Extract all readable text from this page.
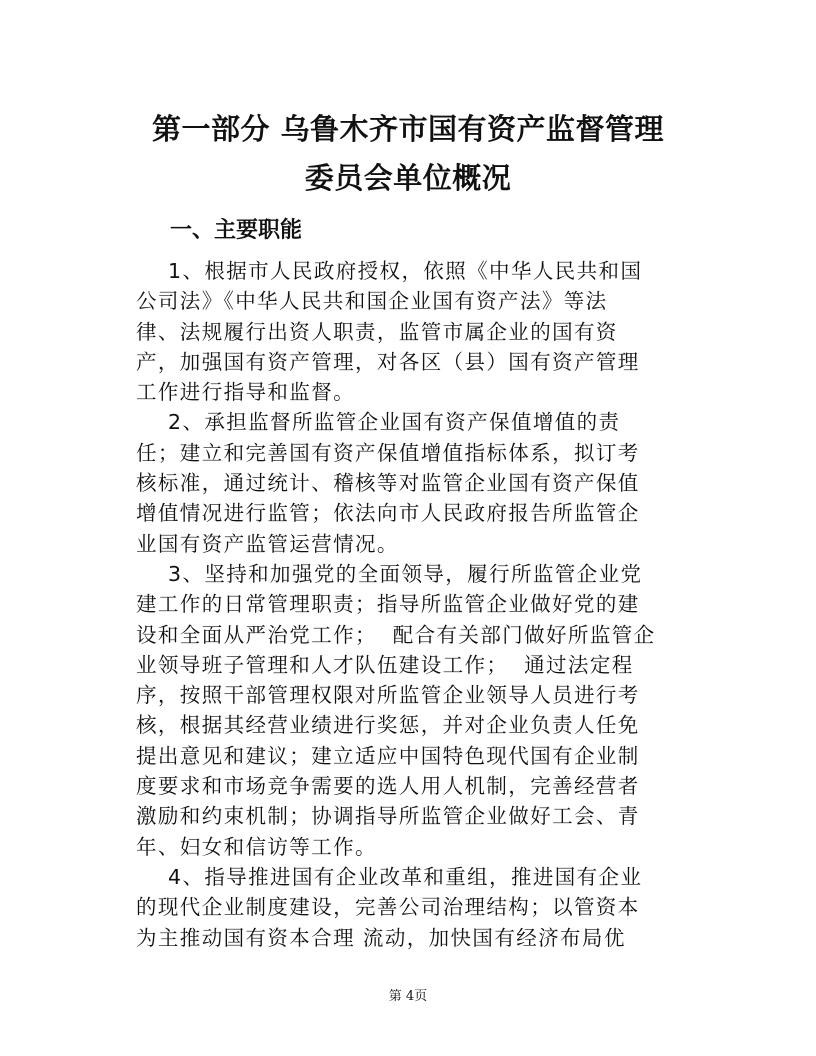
第一部分 乌鲁木齐市国有资产监督管理
委员会单位概况
一、主要职能
1、根据市人民政府授权，依照《中华人民共和国
公司法》《中华人民共和国企业国有资产法》等法
律、法规履行出资人职责，监管市属企业的国有资
产，加强国有资产管理，对各区（县）国有资产管理
工作进行指导和监督。
2、承担监督所监管企业国有资产保值增值的责
任；建立和完善国有资产保值增值指标体系，拟订考
核标准，通过统计、稽核等对监管企业国有资产保值
增值情况进行监管；依法向市人民政府报告所监管企
业国有资产监管运营情况。
3、坚持和加强党的全面领导，履行所监管企业党
建工作的日常管理职责；指导所监管企业做好党的建
设和全面从严治党工作；  配合有关部门做好所监管企
业领导班子管理和人才队伍建设工作；  通过法定程
序，按照干部管理权限对所监管企业领导人员进行考
核，根据其经营业绩进行奖惩，并对企业负责人任免
提出意见和建议；建立适应中国特色现代国有企业制
度要求和市场竞争需要的选人用人机制，完善经营者
激励和约束机制；协调指导所监管企业做好工会、青
年、妇女和信访等工作。
4、指导推进国有企业改革和重组，推进国有企业
的现代企业制度建设，完善公司治理结构；以管资本
为主推动国有资本合理 流动，加快国有经济布局优
第 4页
